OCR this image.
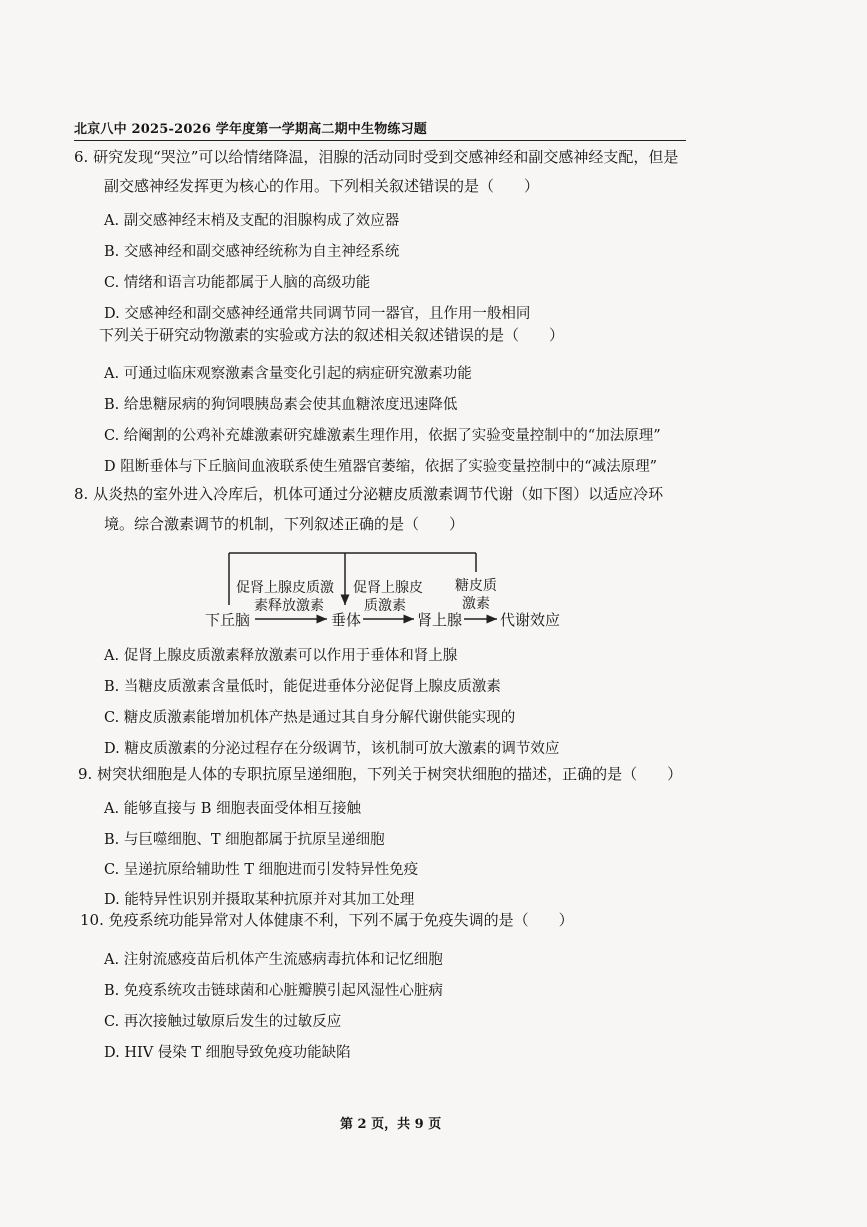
北京八中 2025-2026 学年度第一学期高二期中生物练习题
6. 研究发现“哭泣”可以给情绪降温，泪腺的活动同时受到交感神经和副交感神经支配，但是
副交感神经发挥更为核心的作用。下列相关叙述错误的是（　　）
A. 副交感神经末梢及支配的泪腺构成了效应器
B. 交感神经和副交感神经统称为自主神经系统
C. 情绪和语言功能都属于人脑的高级功能
D. 交感神经和副交感神经通常共同调节同一器官，且作用一般相同
下列关于研究动物激素的实验或方法的叙述相关叙述错误的是（　　）
A. 可通过临床观察激素含量变化引起的病症研究激素功能
B. 给患糖尿病的狗饲喂胰岛素会使其血糖浓度迅速降低
C. 给阉割的公鸡补充雄激素研究雄激素生理作用，依据了实验变量控制中的“加法原理”
D 阻断垂体与下丘脑间血液联系使生殖器官萎缩，依据了实验变量控制中的“减法原理”
8. 从炎热的室外进入冷库后，机体可通过分泌糖皮质激素调节代谢（如下图）以适应冷环
境。综合激素调节的机制，下列叙述正确的是（　　）
促肾上腺皮质激
素释放激素
促肾上腺皮
质激素
糖皮质
激素
下丘脑	垂体	肾上腺	代谢效应
A. 促肾上腺皮质激素释放激素可以作用于垂体和肾上腺
B. 当糖皮质激素含量低时，能促进垂体分泌促肾上腺皮质激素
C. 糖皮质激素能增加机体产热是通过其自身分解代谢供能实现的
D. 糖皮质激素的分泌过程存在分级调节，该机制可放大激素的调节效应
9. 树突状细胞是人体的专职抗原呈递细胞，下列关于树突状细胞的描述，正确的是（　　）
A. 能够直接与 B 细胞表面受体相互接触
B. 与巨噬细胞、T 细胞都属于抗原呈递细胞
C. 呈递抗原给辅助性 T 细胞进而引发特异性免疫
D. 能特异性识别并摄取某种抗原并对其加工处理
10. 免疫系统功能异常对人体健康不利，下列不属于免疫失调的是（　　）
A. 注射流感疫苗后机体产生流感病毒抗体和记忆细胞
B. 免疫系统攻击链球菌和心脏瓣膜引起风湿性心脏病
C. 再次接触过敏原后发生的过敏反应
D. HIV 侵染 T 细胞导致免疫功能缺陷
第 2 页，共 9 页
